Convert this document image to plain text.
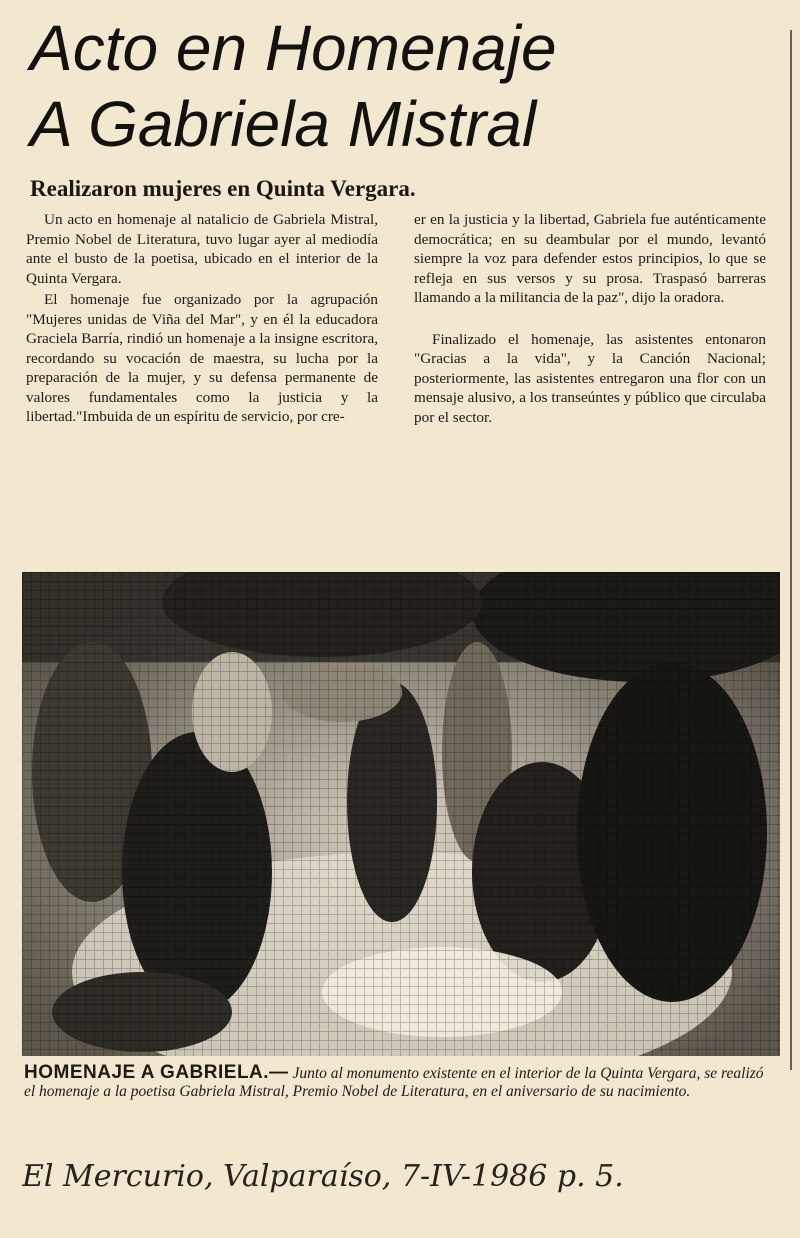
Acto en Homenaje
A Gabriela Mistral
Realizaron mujeres en Quinta Vergara.

Un acto en homenaje al natalicio de Gabriela Mistral, Premio Nobel de Literatura, tuvo lugar ayer al mediodía ante el busto de la poetisa, ubicado en el interior de la Quinta Vergara.

El homenaje fue organizado por la agrupación "Mujeres unidas de Viña del Mar", y en él la educadora Graciela Barría, rindió un homenaje a la insigne escritora, recordando su vocación de maestra, su lucha por la preparación de la mujer, y su defensa permanente de valores fundamentales como la justicia y la libertad."Imbuida de un espíritu de servicio, por cre-

er en la justicia y la libertad, Gabriela fue auténticamente democrática; en su deambular por el mundo, levantó siempre la voz para defender estos principios, lo que se refleja en sus versos y su prosa. Traspasó barreras llamando a la militancia de la paz", dijo la oradora.

Finalizado el homenaje, las asistentes entonaron "Gracias a la vida", y la Canción Nacional; posteriormente, las asistentes entregaron una flor con un mensaje alusivo, a los transeúntes y público que circulaba por el sector.

HOMENAJE A GABRIELA.— Junto al monumento existente en el interior de la Quinta Vergara, se realizó el homenaje a la poetisa Gabriela Mistral, Premio Nobel de Literatura, en el aniversario de su nacimiento.
El Mercurio, Valparaíso, 7-IV-1986 p. 5.
